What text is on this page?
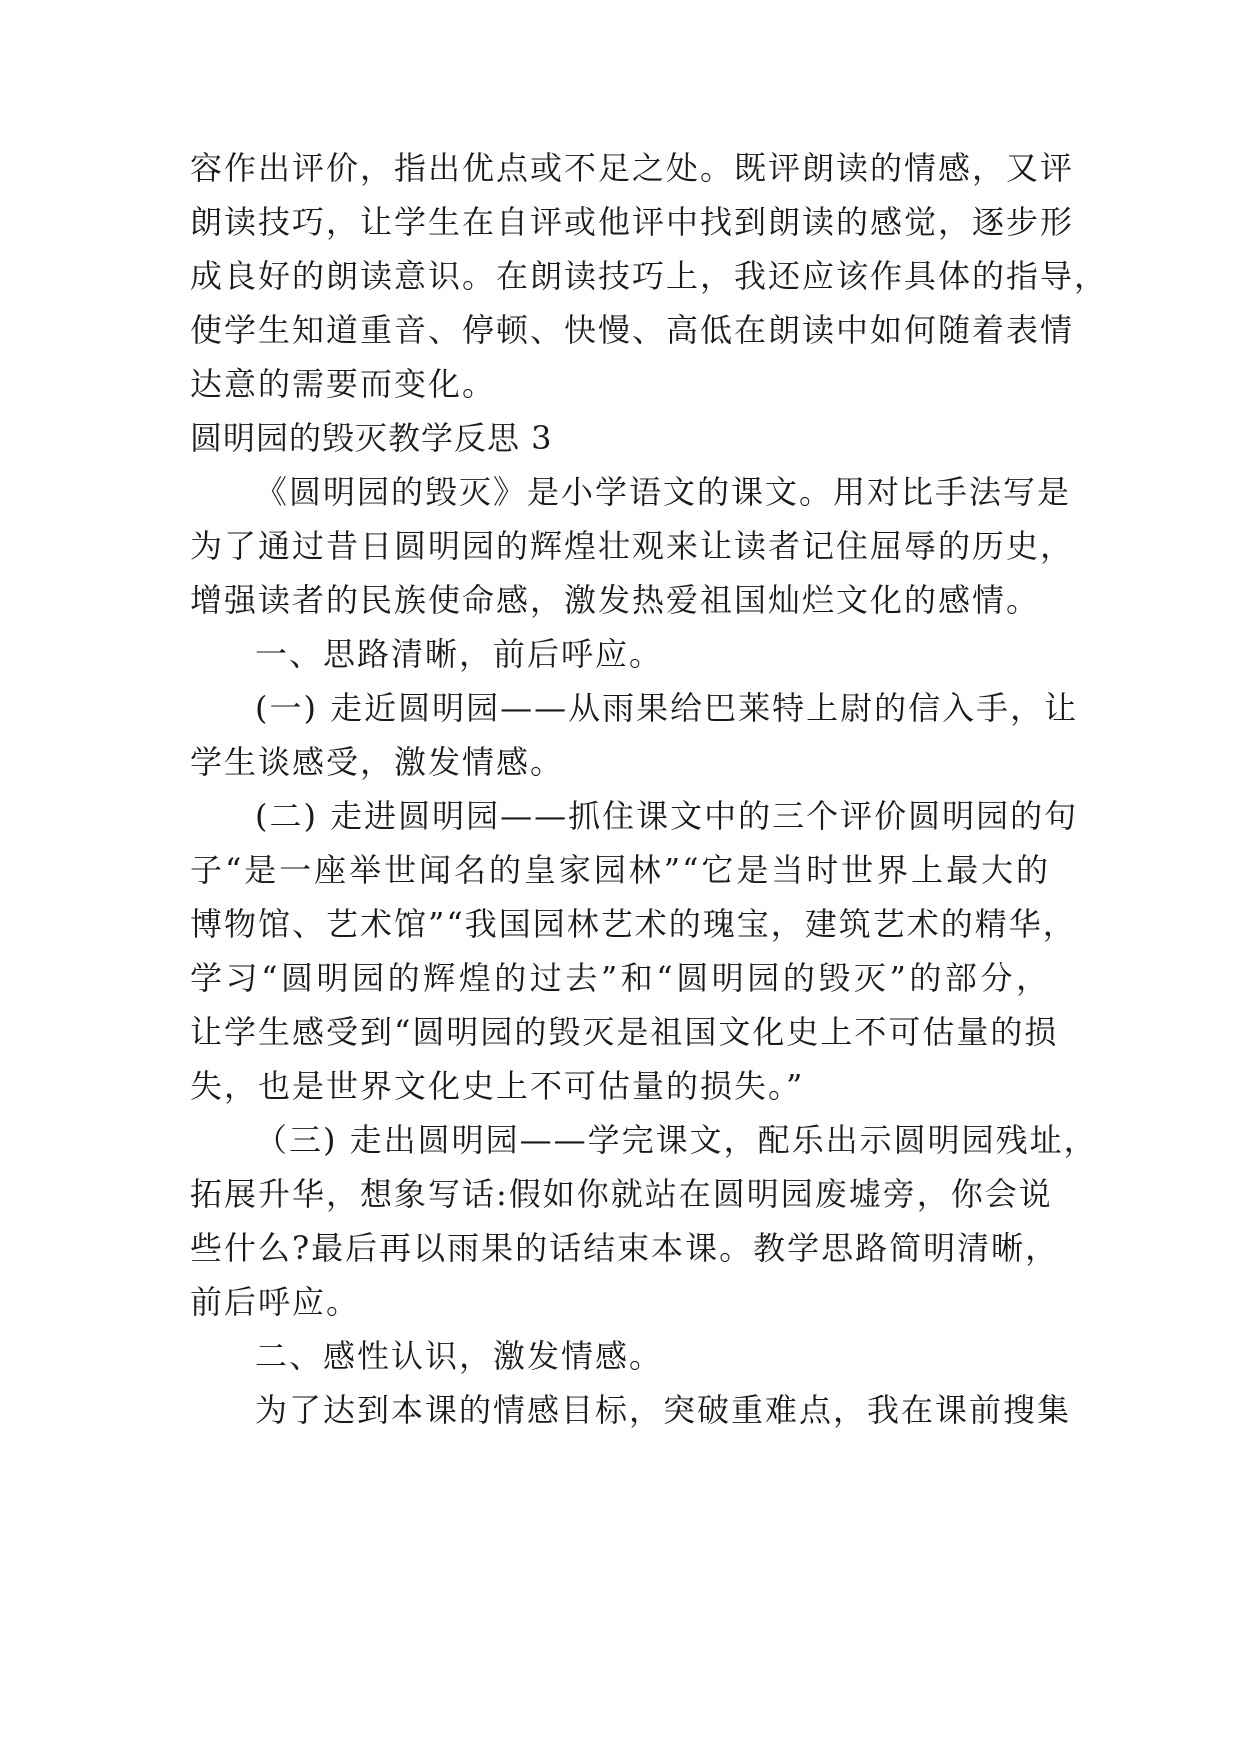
容作出评价，指出优点或不足之处。既评朗读的情感，又评
朗读技巧，让学生在自评或他评中找到朗读的感觉，逐步形
成良好的朗读意识。在朗读技巧上，我还应该作具体的指导，
使学生知道重音、停顿、快慢、高低在朗读中如何随着表情
达意的需要而变化。
圆明园的毁灭教学反思 3
《圆明园的毁灭》是小学语文的课文。用对比手法写是
为了通过昔日圆明园的辉煌壮观来让读者记住屈辱的历史，
增强读者的民族使命感，激发热爱祖国灿烂文化的感情。
一、思路清晰，前后呼应。
(一) 走近圆明园——从雨果给巴莱特上尉的信入手，让
学生谈感受，激发情感。
(二) 走进圆明园——抓住课文中的三个评价圆明园的句
子“是一座举世闻名的皇家园林”“它是当时世界上最大的
博物馆、艺术馆”“我国园林艺术的瑰宝，建筑艺术的精华，
学习“圆明园的辉煌的过去”和“圆明园的毁灭”的部分，
让学生感受到“圆明园的毁灭是祖国文化史上不可估量的损
失，也是世界文化史上不可估量的损失。”
（三) 走出圆明园——学完课文，配乐出示圆明园残址，
拓展升华，想象写话:假如你就站在圆明园废墟旁，你会说
些什么?最后再以雨果的话结束本课。教学思路简明清晰，
前后呼应。
二、感性认识，激发情感。
为了达到本课的情感目标，突破重难点，我在课前搜集
